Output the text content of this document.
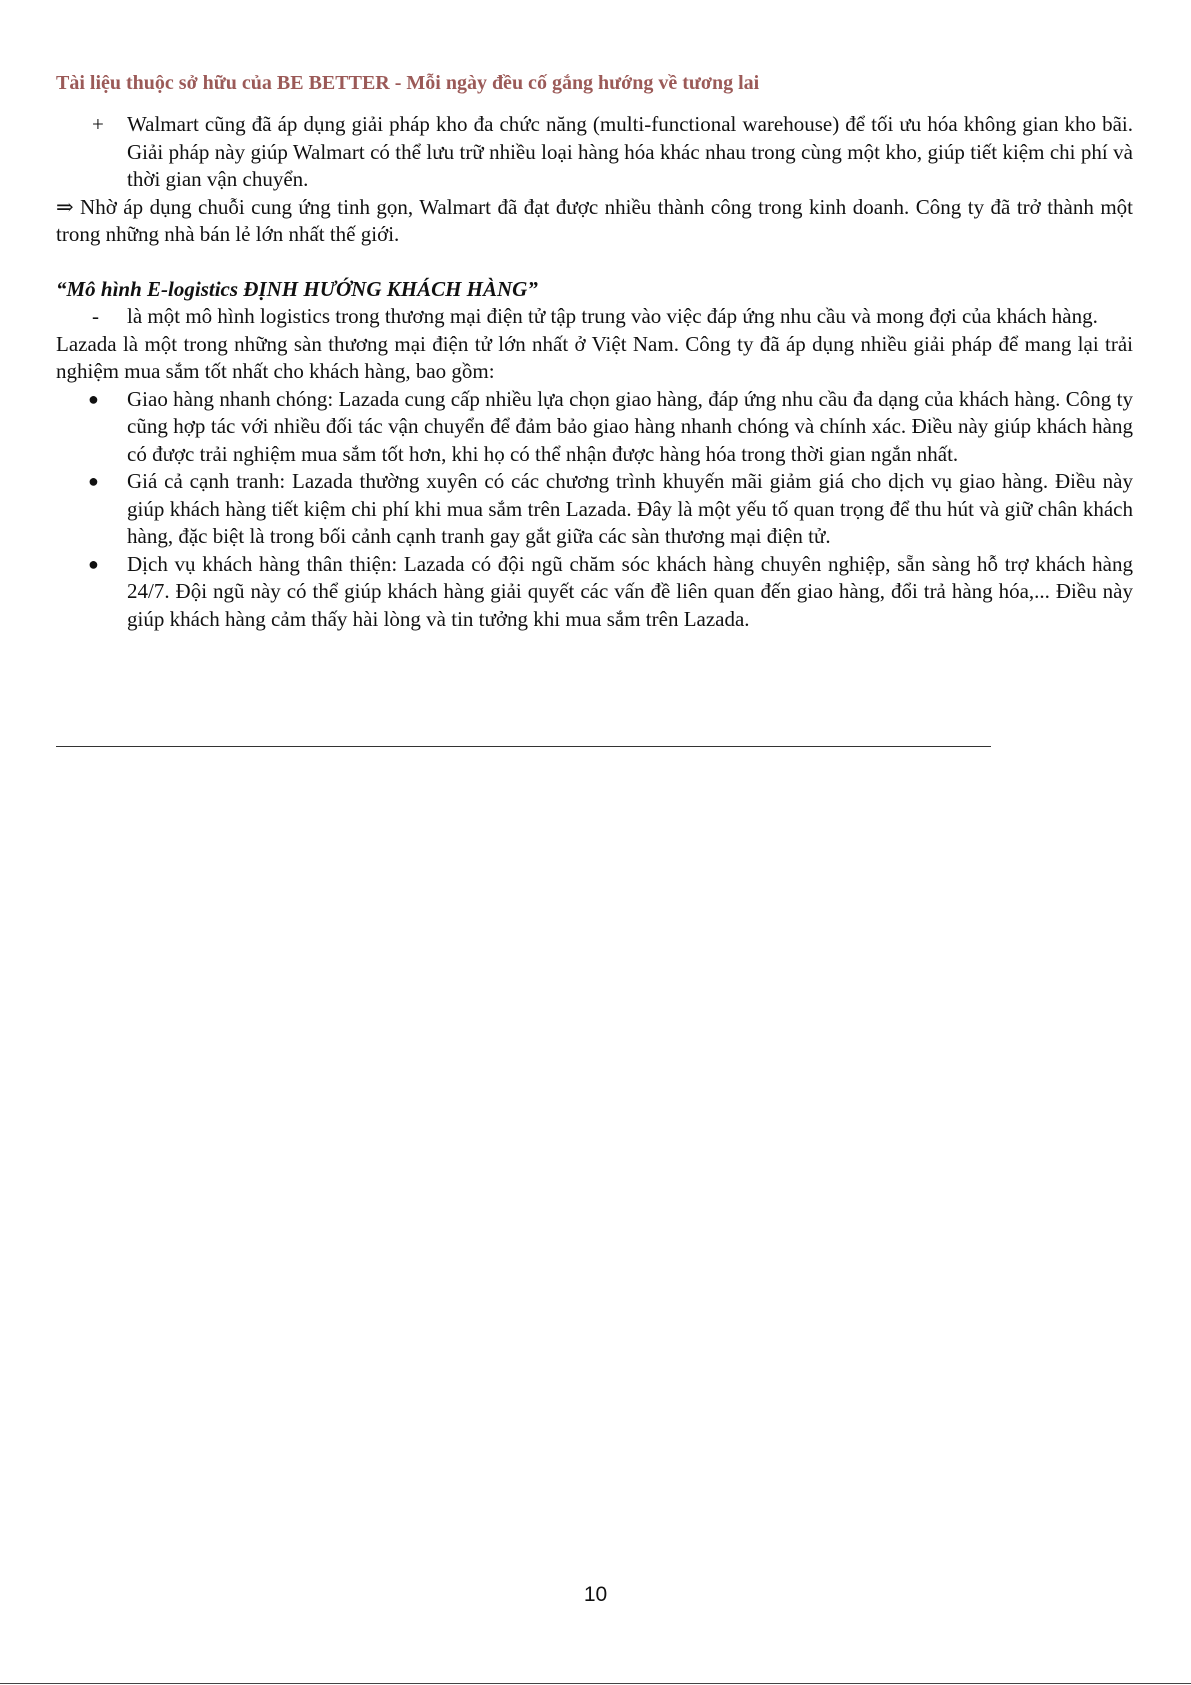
Tài liệu thuộc sở hữu của BE BETTER - Mỗi ngày đều cố gắng hướng về tương lai
+ Walmart cũng đã áp dụng giải pháp kho đa chức năng (multi-functional warehouse) để tối ưu hóa không gian kho bãi. Giải pháp này giúp Walmart có thể lưu trữ nhiều loại hàng hóa khác nhau trong cùng một kho, giúp tiết kiệm chi phí và thời gian vận chuyển.

⇒ Nhờ áp dụng chuỗi cung ứng tinh gọn, Walmart đã đạt được nhiều thành công trong kinh doanh. Công ty đã trở thành một trong những nhà bán lẻ lớn nhất thế giới.

“Mô hình E-logistics ĐỊNH HƯỚNG KHÁCH HÀNG”

- là một mô hình logistics trong thương mại điện tử tập trung vào việc đáp ứng nhu cầu và mong đợi của khách hàng.

Lazada là một trong những sàn thương mại điện tử lớn nhất ở Việt Nam. Công ty đã áp dụng nhiều giải pháp để mang lại trải nghiệm mua sắm tốt nhất cho khách hàng, bao gồm:

● Giao hàng nhanh chóng: Lazada cung cấp nhiều lựa chọn giao hàng, đáp ứng nhu cầu đa dạng của khách hàng. Công ty cũng hợp tác với nhiều đối tác vận chuyển để đảm bảo giao hàng nhanh chóng và chính xác. Điều này giúp khách hàng có được trải nghiệm mua sắm tốt hơn, khi họ có thể nhận được hàng hóa trong thời gian ngắn nhất.
● Giá cả cạnh tranh: Lazada thường xuyên có các chương trình khuyến mãi giảm giá cho dịch vụ giao hàng. Điều này giúp khách hàng tiết kiệm chi phí khi mua sắm trên Lazada. Đây là một yếu tố quan trọng để thu hút và giữ chân khách hàng, đặc biệt là trong bối cảnh cạnh tranh gay gắt giữa các sàn thương mại điện tử.
● Dịch vụ khách hàng thân thiện: Lazada có đội ngũ chăm sóc khách hàng chuyên nghiệp, sẵn sàng hỗ trợ khách hàng 24/7. Đội ngũ này có thể giúp khách hàng giải quyết các vấn đề liên quan đến giao hàng, đổi trả hàng hóa,... Điều này giúp khách hàng cảm thấy hài lòng và tin tưởng khi mua sắm trên Lazada.
10
